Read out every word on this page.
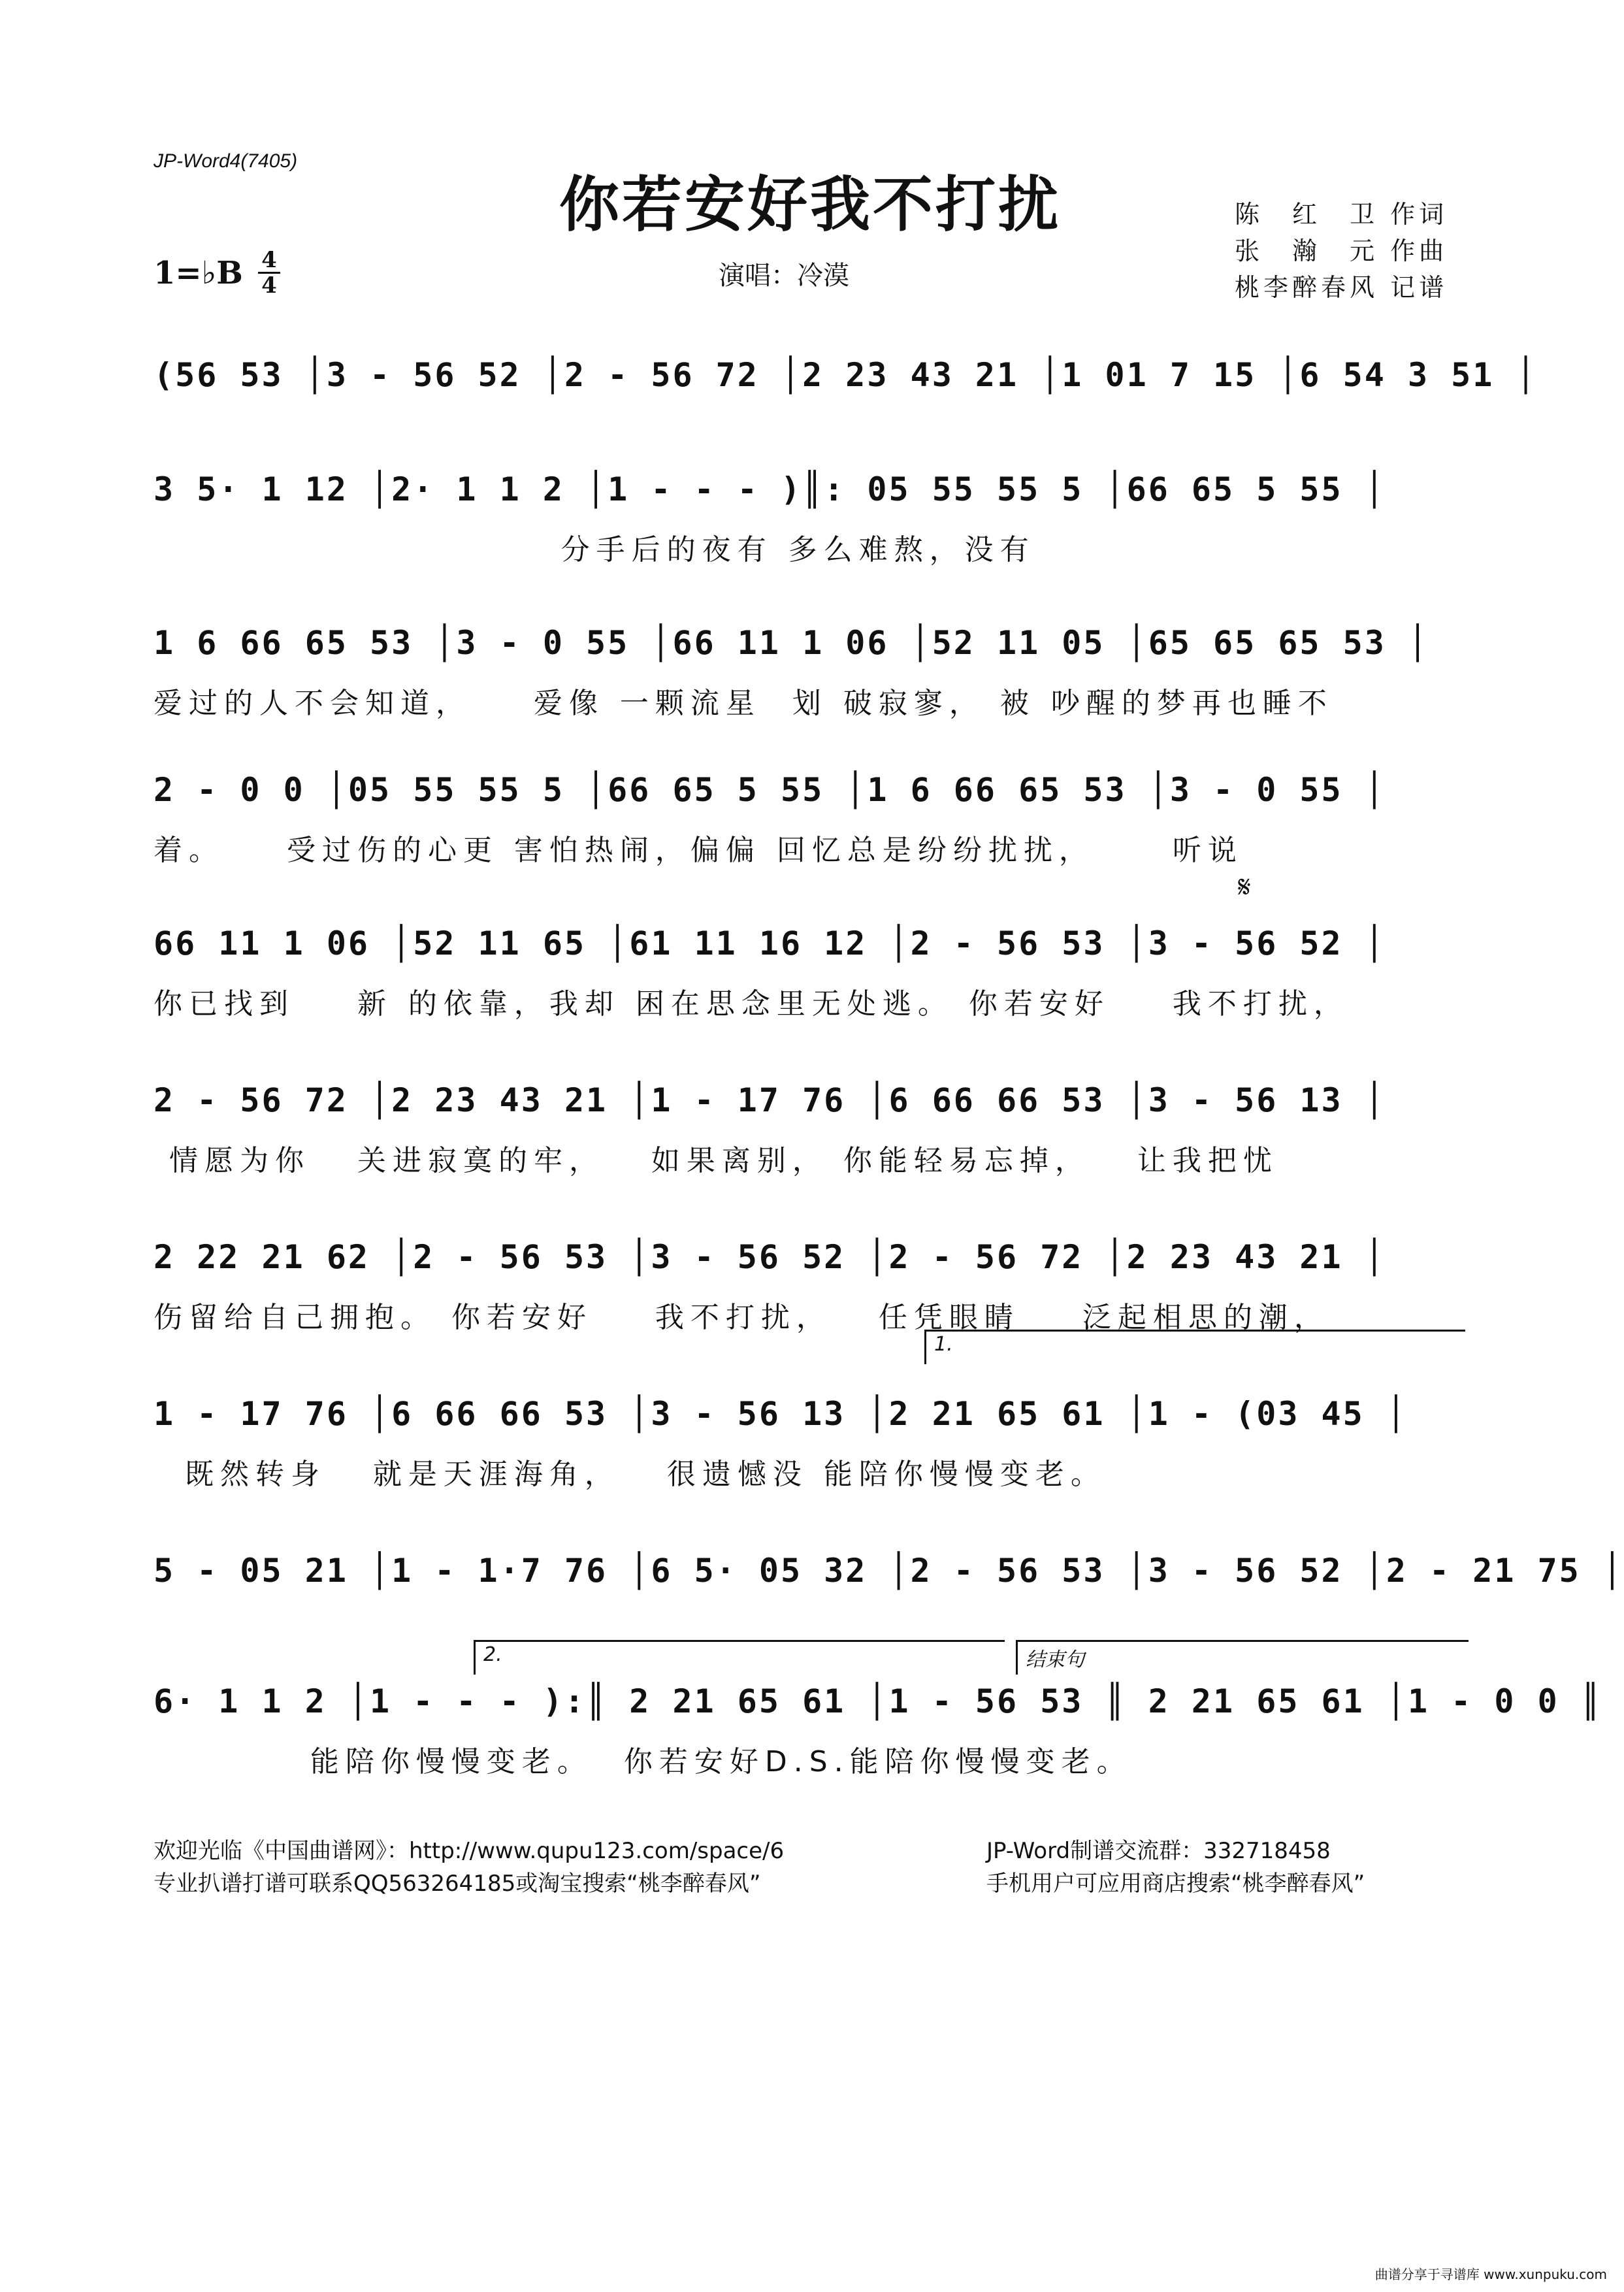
JP-Word4(7405)
你若安好我不打扰
1=♭B 4
4	演唱：冷漠
陈　红　卫 作词
张　瀚　元 作曲
桃李醉春风 记谱
(56 53 │3 - 56 52 │2 - 56 72 │2 23 43 21 │1 01 7 15 │6 54 3 51 │
3 5· 1 12 │2· 1 1 2 │1 - - - )║: 05 55 55 5 │66 65 5 55 │
分手后的夜有 多么难熬，没有
1 6 66 65 53 │3 - 0 55 │66 11 1 06 │52 11 05 │65 65 65 53 │
爱过的人不会知道，    爱像 一颗流星  划 破寂寥， 被 吵醒的梦再也睡不
2 - 0 0 │05 55 55 5 │66 65 5 55 │1 6 66 65 53 │3 - 0 55 │
着。    受过伤的心更 害怕热闹，偏偏 回忆总是纷纷扰扰，     听说
66 11 1 06 │52 11 65 │61 11 16 12 │2 - 56 53 │3 - 56 52 │
你已找到    新 的依靠，我却 困在思念里无处逃。 你若安好    我不打扰，
𝄋
2 - 56 72 │2 23 43 21 │1 - 17 76 │6 66 66 53 │3 - 56 13 │
情愿为你   关进寂寞的牢，   如果离别， 你能轻易忘掉，   让我把忧
2 22 21 62 │2 - 56 53 │3 - 56 52 │2 - 56 72 │2 23 43 21 │
伤留给自己拥抱。 你若安好    我不打扰，   任凭眼睛    泛起相思的潮，
1.
1 - 17 76 │6 66 66 53 │3 - 56 13 │2 21 65 61 │1 - (03 45 │
既然转身   就是天涯海角，   很遗憾没 能陪你慢慢变老。
5 - 05 21 │1 - 1·7 76 │6 5· 05 32 │2 - 56 53 │3 - 56 52 │2 - 21 75 │
2.	结束句
6· 1 1 2 │1 - - - ):║ 2 21 65 61 │1 - 56 53 ║ 2 21 65 61 │1 - 0 0 ║
能陪你慢慢变老。  你若安好D.S.能陪你慢慢变老。
欢迎光临《中国曲谱网》：http://www.qupu123.com/space/6
专业扒谱打谱可联系QQ563264185或淘宝搜索“桃李醉春风”
JP-Word制谱交流群：332718458
手机用户可应用商店搜索“桃李醉春风”
曲谱分享于寻谱库 www.xunpuku.com
